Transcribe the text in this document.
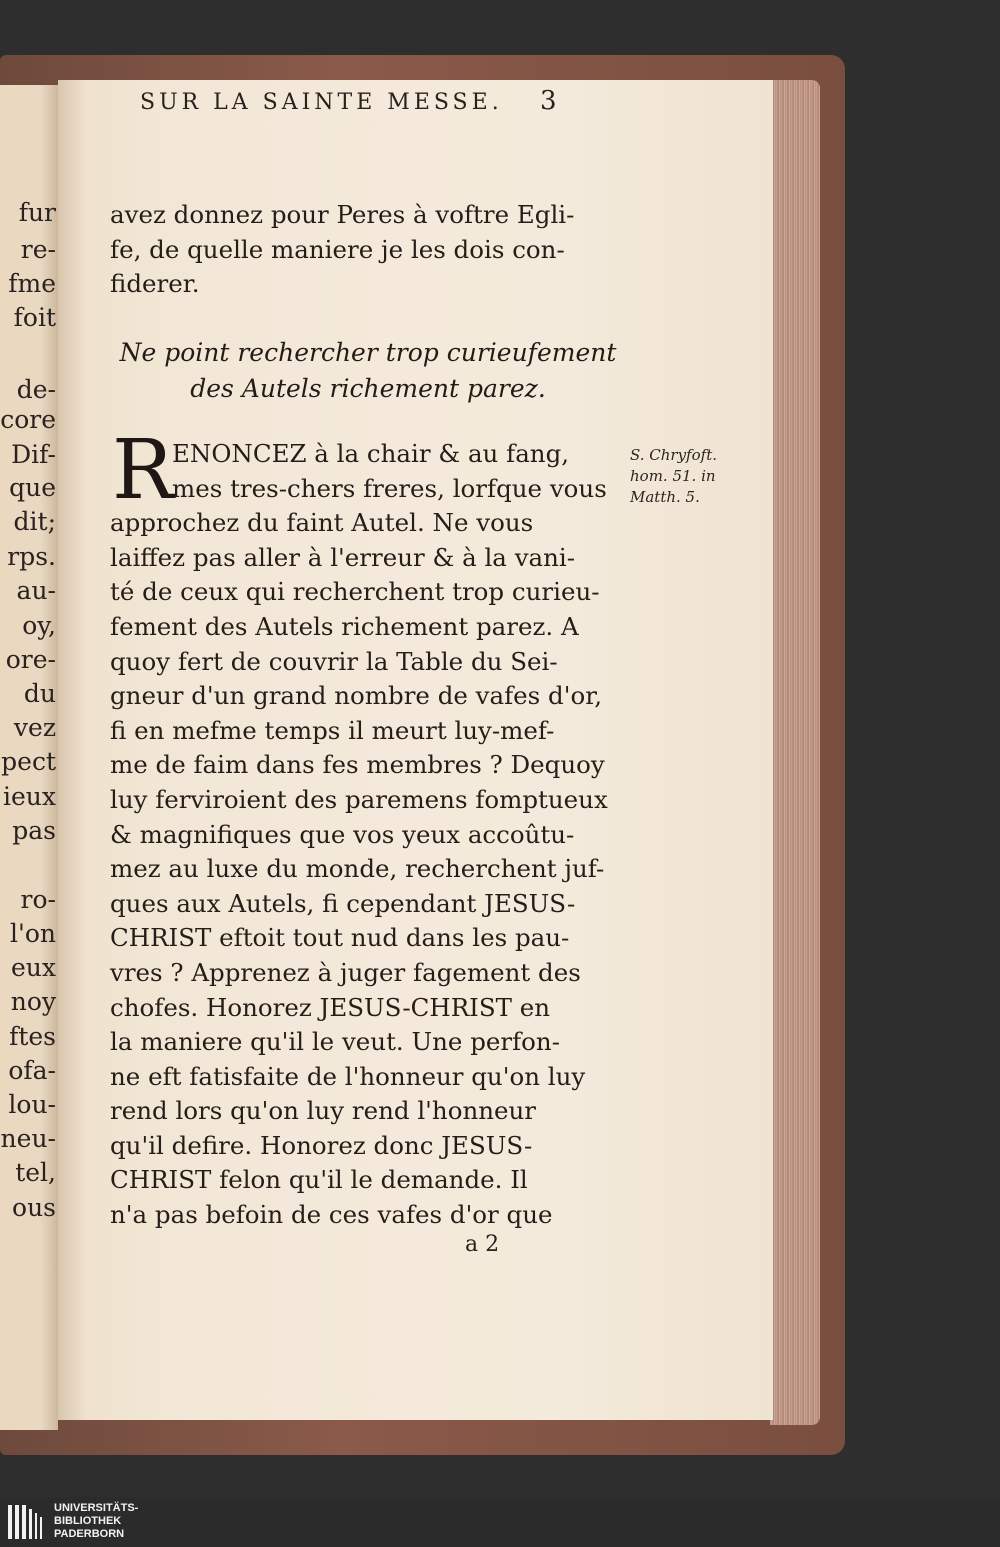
fur
re-
fme
foit
de-
core
Dif-
que
dit;
rps.
au-
oy,
ore-
du
vez
pect
ieux
pas
ro-
l'on
eux
noy
ftes
ofa-
lou-
neu-
tel,
ous
SUR LA SAINTE MESSE. 3
avez donnez pour Peres à voftre Egli-
fe, de quelle maniere je les dois con-
fiderer.
Ne point rechercher trop curieufement
des Autels richement parez.
R
ENONCEZ à la chair & au fang,
mes tres-chers freres, lorfque vous
approchez du faint Autel. Ne vous
laiffez pas aller à l'erreur & à la vani-
té de ceux qui recherchent trop curieu-
fement des Autels richement parez. A
quoy fert de couvrir la Table du Sei-
gneur d'un grand nombre de vafes d'or,
fi en mefme temps il meurt luy-mef-
me de faim dans fes membres ? Dequoy
luy ferviroient des paremens fomptueux
& magnifiques que vos yeux accoûtu-
mez au luxe du monde, recherchent juf-
ques aux Autels, fi cependant JESUS-
CHRIST eftoit tout nud dans les pau-
vres ? Apprenez à juger fagement des
chofes. Honorez JESUS-CHRIST en
la maniere qu'il le veut. Une perfon-
ne eft fatisfaite de l'honneur qu'on luy
rend lors qu'on luy rend l'honneur
qu'il defire. Honorez donc JESUS-
CHRIST felon qu'il le demande. Il
n'a pas befoin de ces vafes d'or que
S. Chryfoft.
hom. 51. in
Matth. 5.
a 2
UNIVERSITÄTS-
BIBLIOTHEK
PADERBORN
